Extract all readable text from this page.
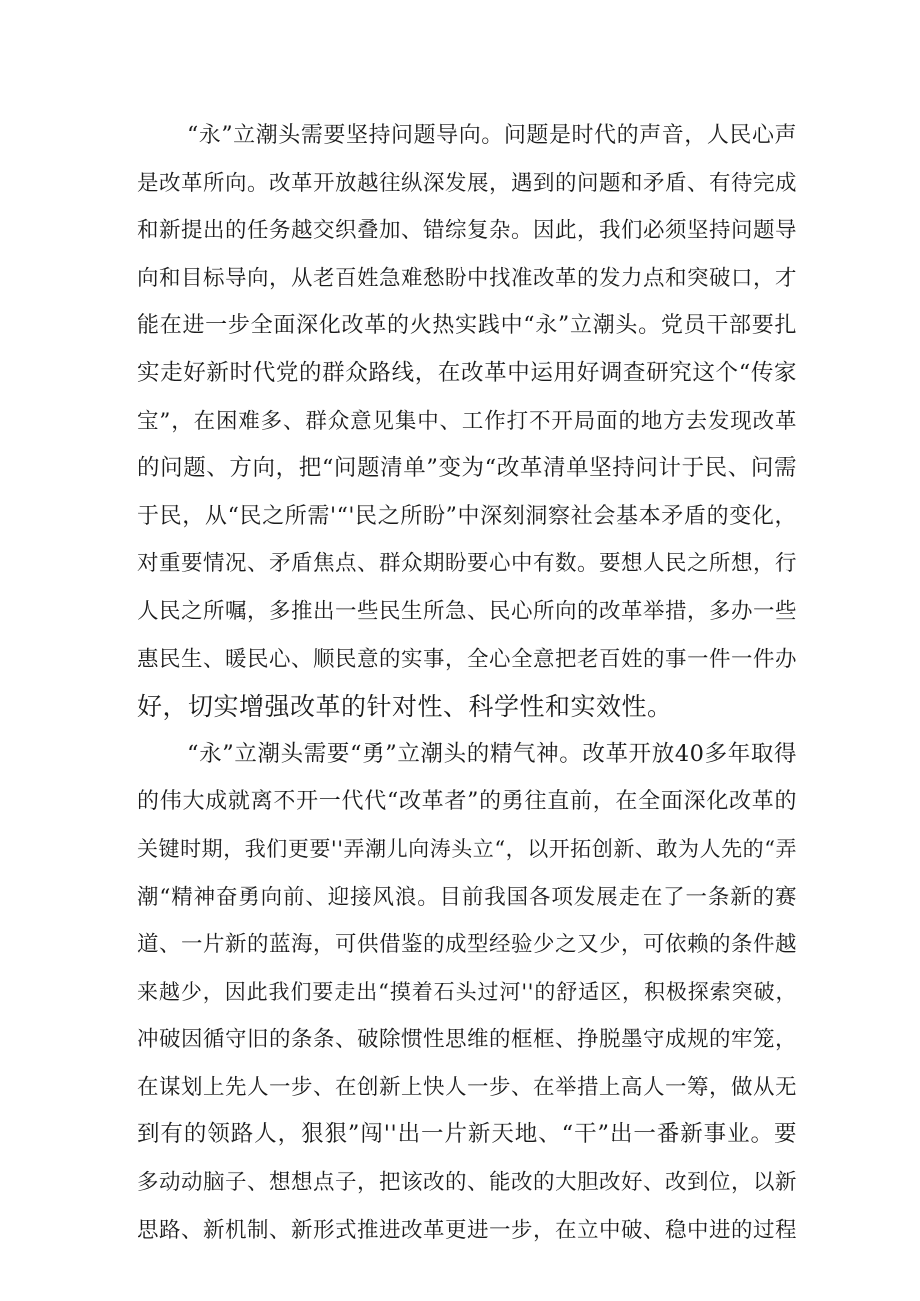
“永”立潮头需要坚持问题导向。问题是时代的声音，人民心声
是改革所向。改革开放越往纵深发展，遇到的问题和矛盾、有待完成
和新提出的任务越交织叠加、错综复杂。因此，我们必须坚持问题导
向和目标导向，从老百姓急难愁盼中找准改革的发力点和突破口，才
能在进一步全面深化改革的火热实践中“永”立潮头。党员干部要扎
实走好新时代党的群众路线，在改革中运用好调查研究这个“传家
宝”，在困难多、群众意见集中、工作打不开局面的地方去发现改革
的问题、方向，把“问题清单”变为“改革清单坚持问计于民、问需
于民，从“民之所需'“'民之所盼”中深刻洞察社会基本矛盾的变化，
对重要情况、矛盾焦点、群众期盼要心中有数。要想人民之所想，行
人民之所嘱，多推出一些民生所急、民心所向的改革举措，多办一些
惠民生、暖民心、顺民意的实事，全心全意把老百姓的事一件一件办
好，切实增强改革的针对性、科学性和实效性。
“永”立潮头需要“勇”立潮头的精气神。改革开放40多年取得
的伟大成就离不开一代代“改革者”的勇往直前，在全面深化改革的
关键时期，我们更要''弄潮儿向涛头立“，以开拓创新、敢为人先的“弄
潮“精神奋勇向前、迎接风浪。目前我国各项发展走在了一条新的赛
道、一片新的蓝海，可供借鉴的成型经验少之又少，可依赖的条件越
来越少，因此我们要走出“摸着石头过河''的舒适区，积极探索突破，
冲破因循守旧的条条、破除惯性思维的框框、挣脱墨守成规的牢笼，
在谋划上先人一步、在创新上快人一步、在举措上高人一筹，做从无
到有的领路人，狠狠”闯''出一片新天地、“干”出一番新事业。要
多动动脑子、想想点子，把该改的、能改的大胆改好、改到位，以新
思路、新机制、新形式推进改革更进一步，在立中破、稳中进的过程
